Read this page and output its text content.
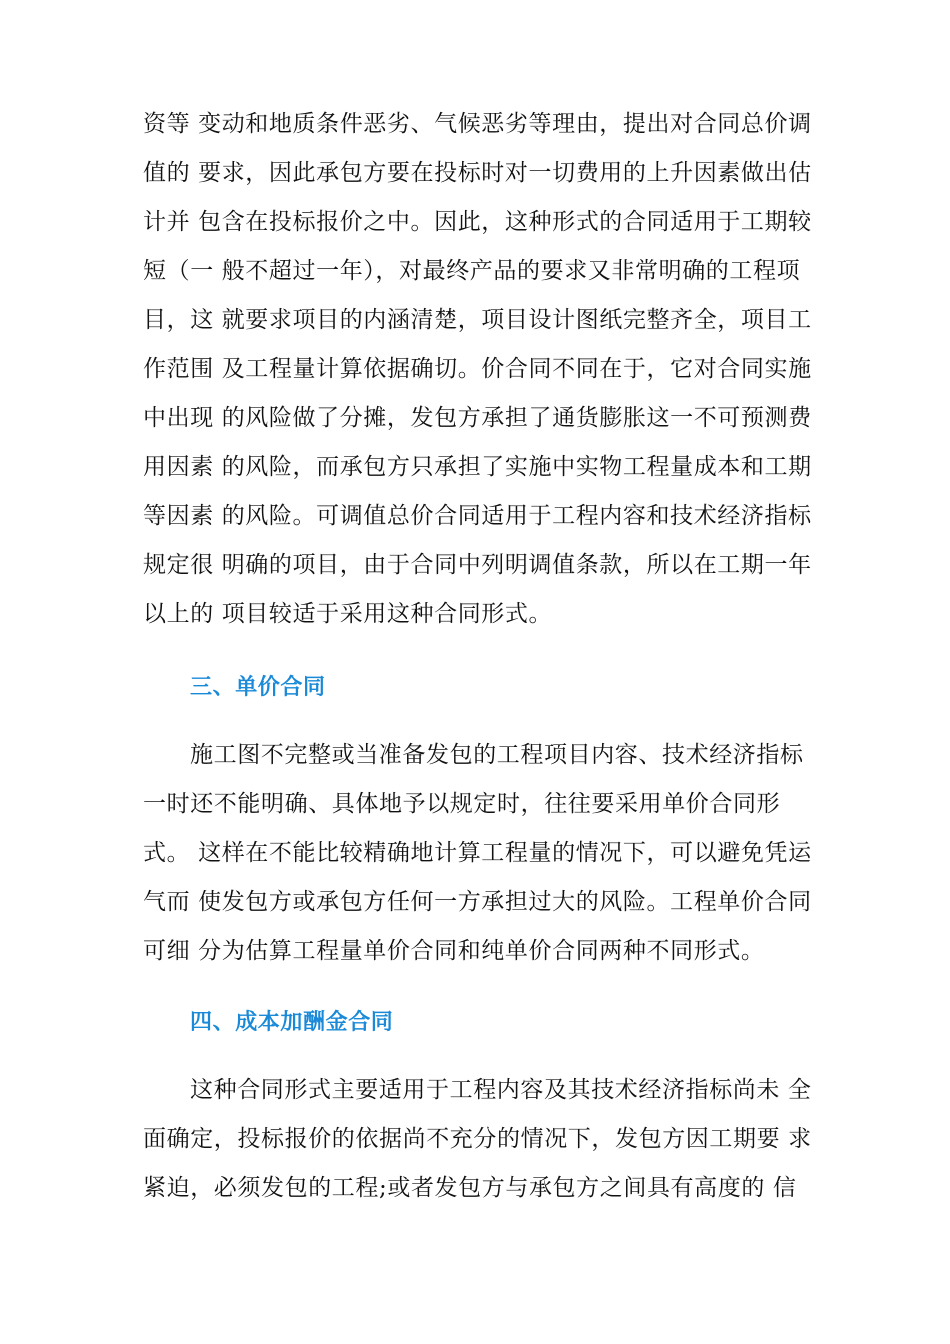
资等 变动和地质条件恶劣、气候恶劣等理由，提出对合同总价调
值的 要求，因此承包方要在投标时对一切费用的上升因素做出估
计并 包含在投标报价之中。因此，这种形式的合同适用于工期较
短（一 般不超过一年），对最终产品的要求又非常明确的工程项
目，这 就要求项目的内涵清楚，项目设计图纸完整齐全，项目工
作范围 及工程量计算依据确切。价合同不同在于，它对合同实施
中出现 的风险做了分摊，发包方承担了通货膨胀这一不可预测费
用因素 的风险，而承包方只承担了实施中实物工程量成本和工期
等因素 的风险。可调值总价合同适用于工程内容和技术经济指标
规定很 明确的项目，由于合同中列明调值条款，所以在工期一年
以上的 项目较适于采用这种合同形式。
三、单价合同
施工图不完整或当准备发包的工程项目内容、技术经济指标
一时还不能明确、具体地予以规定时，往往要采用单价合同形
式。 这样在不能比较精确地计算工程量的情况下，可以避免凭运
气而 使发包方或承包方任何一方承担过大的风险。工程单价合同
可细 分为估算工程量单价合同和纯单价合同两种不同形式。
四、成本加酬金合同
这种合同形式主要适用于工程内容及其技术经济指标尚未 全
面确定，投标报价的依据尚不充分的情况下，发包方因工期要 求
紧迫，必须发包的工程;或者发包方与承包方之间具有高度的 信
